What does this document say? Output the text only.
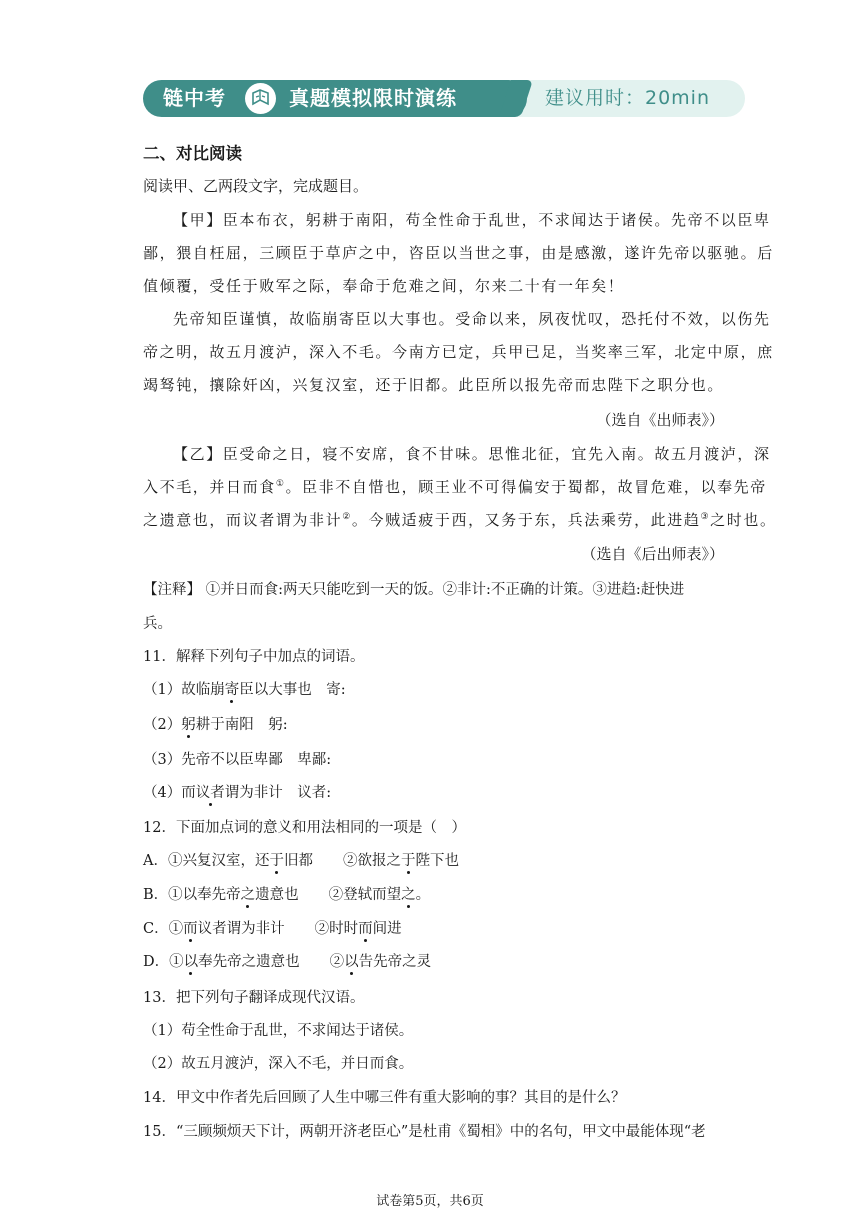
链中考	真题模拟限时演练	建议用时：20min
二、对比阅读
阅读甲、乙两段文字，完成题目。
【甲】臣本布衣，躬耕于南阳，苟全性命于乱世，不求闻达于诸侯。先帝不以臣卑
鄙，猥自枉屈，三顾臣于草庐之中，咨臣以当世之事，由是感激，遂许先帝以驱驰。后
值倾覆，受任于败军之际，奉命于危难之间，尔来二十有一年矣！
先帝知臣谨慎，故临崩寄臣以大事也。受命以来，夙夜忧叹，恐托付不效，以伤先
帝之明，故五月渡泸，深入不毛。今南方已定，兵甲已足，当奖率三军，北定中原，庶
竭驽钝，攘除奸凶，兴复汉室，还于旧都。此臣所以报先帝而忠陛下之职分也。
（选自《出师表》）
【乙】臣受命之日，寝不安席，食不甘味。思惟北征，宜先入南。故五月渡泸，深
入不毛，并日而食①。臣非不自惜也，顾王业不可得偏安于蜀都，故冒危难，以奉先帝
之遗意也，而议者谓为非计②。今贼适疲于西，又务于东，兵法乘劳，此进趋③之时也。
（选自《后出师表》）
【注释】 ①并日而食:两天只能吃到一天的饭。②非计:不正确的计策。③进趋:赶快进
兵。
11．解释下列句子中加点的词语。
（1）故临崩寄臣以大事也　 寄:
（2）躬耕于南阳　 躬:
（3）先帝不以臣卑鄙　 卑鄙:
（4）而议者谓为非计　 议者:
12．下面加点词的意义和用法相同的一项是（　）
A．①兴复汉室，还于旧都 ②欲报之于陛下也
B．①以奉先帝之遗意也 ②登轼而望之。
C．①而议者谓为非计 ②时时而间进
D．①以奉先帝之遗意也 ②以告先帝之灵
13．把下列句子翻译成现代汉语。
（1）苟全性命于乱世，不求闻达于诸侯。
（2）故五月渡泸，深入不毛，并日而食。
14．甲文中作者先后回顾了人生中哪三件有重大影响的事？其目的是什么？
15．“三顾频烦天下计，两朝开济老臣心”是杜甫《蜀相》中的名句，甲文中最能体现“老
试卷第5页，共6页
